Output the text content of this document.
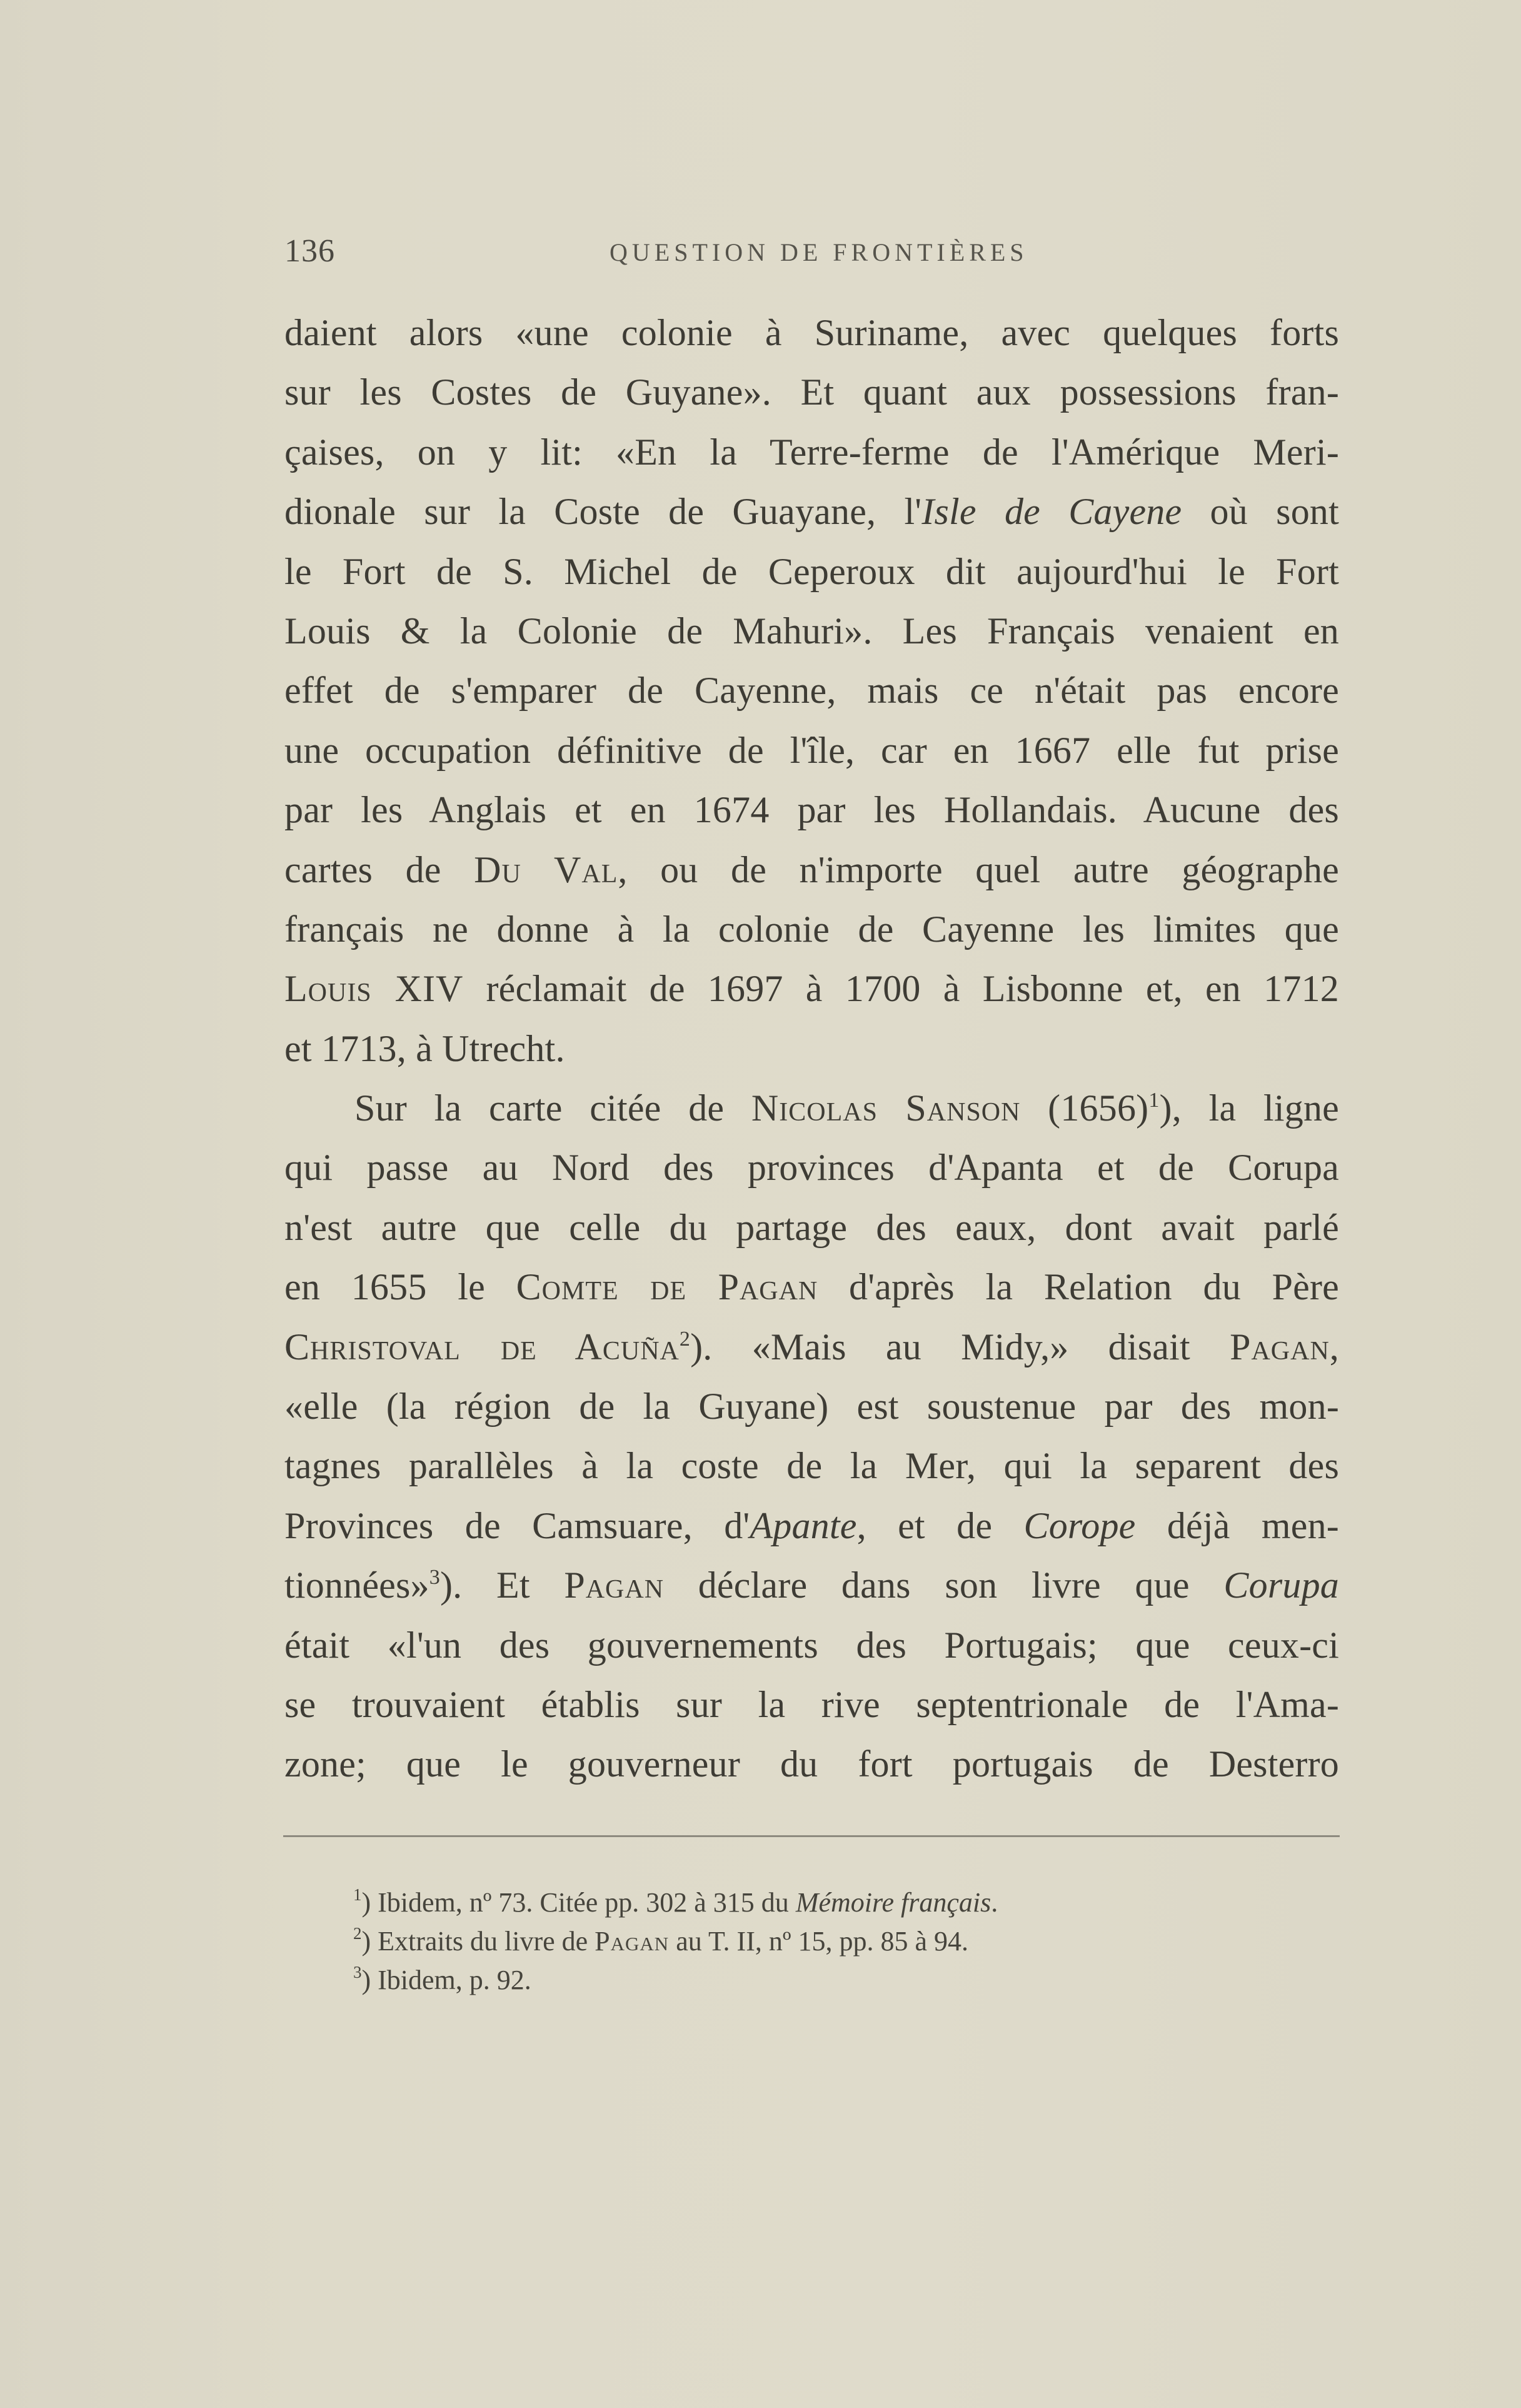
136	QUESTION DE FRONTIÈRES
daient alors «une colonie à Suriname, avec quelques forts
sur les Costes de Guyane». Et quant aux possessions fran-
çaises, on y lit: «En la Terre-ferme de l'Amérique Meri-
dionale sur la Coste de Guayane, l'Isle de Cayene où sont
le Fort de S. Michel de Ceperoux dit aujourd'hui le Fort
Louis & la Colonie de Mahuri». Les Français venaient en
effet de s'emparer de Cayenne, mais ce n'était pas encore
une occupation définitive de l'île, car en 1667 elle fut prise
par les Anglais et en 1674 par les Hollandais. Aucune des
cartes de Du Val, ou de n'importe quel autre géographe
français ne donne à la colonie de Cayenne les limites que
Louis XIV réclamait de 1697 à 1700 à Lisbonne et, en 1712
et 1713, à Utrecht.
Sur la carte citée de Nicolas Sanson $(1656)^1$), la ligne
qui passe au Nord des provinces d'Apanta et de Corupa
n'est autre que celle du partage des eaux, dont avait parlé
en 1655 le Comte de Pagan d'après la Relation du Père
Christoval de Acuña$^2$). «Mais au Midy,» disait Pagan,
«elle (la région de la Guyane) est soustenue par des mon-
tagnes parallèles à la coste de la Mer, qui la separent des
Provinces de Camsuare, d'Apante, et de Corope déjà men-
tionnées»$^3$). Et Pagan déclare dans son livre que Corupa
était «l'un des gouvernements des Portugais; que ceux-ci
se trouvaient établis sur la rive septentrionale de l'Ama-
zone; que le gouverneur du fort portugais de Desterro
$^1$) Ibidem, nº 73. Citée pp. 302 à 315 du Mémoire français.
$^2$) Extraits du livre de Pagan au T. II, nº 15, pp. 85 à 94.
$^3$) Ibidem, p. 92.
